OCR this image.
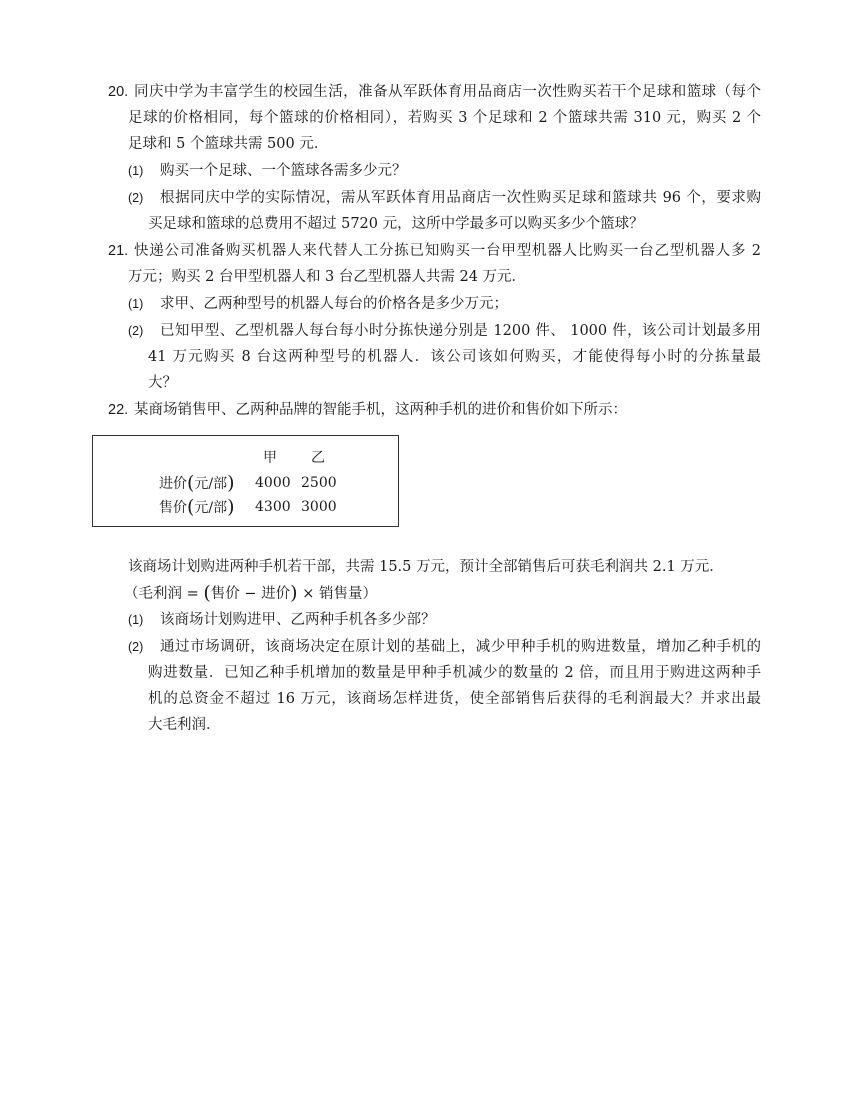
20. 同庆中学为丰富学生的校园生活，准备从军跃体育用品商店一次性购买若干个足球和篮球（每个
足球的价格相同，每个篮球的价格相同），若购买 3 个足球和 2 个篮球共需 310 元，购买 2 个
足球和 5 个篮球共需 500 元．
(1) 购买一个足球、一个篮球各需多少元？
(2) 根据同庆中学的实际情况，需从军跃体育用品商店一次性购买足球和篮球共 96 个，要求购
买足球和篮球的总费用不超过 5720 元，这所中学最多可以购买多少个篮球？
21. 快递公司准备购买机器人来代替人工分拣已知购买一台甲型机器人比购买一台乙型机器人多 2
万元；购买 2 台甲型机器人和 3 台乙型机器人共需 24 万元．
(1) 求甲、乙两种型号的机器人每台的价格各是多少万元；
(2) 已知甲型、乙型机器人每台每小时分拣快递分别是 1200 件、 1000 件，该公司计划最多用
41 万元购买 8 台这两种型号的机器人．该公司该如何购买，才能使得每小时的分拣量最
大？
22. 某商场销售甲、乙两种品牌的智能手机，这两种手机的进价和售价如下所示：
甲 乙
进价(元/部) 4000 2500
售价(元/部) 4300 3000
该商场计划购进两种手机若干部，共需 15.5 万元，预计全部销售后可获毛利润共 2.1 万元．
（毛利润 = (售价 − 进价) × 销售量）
(1) 该商场计划购进甲、乙两种手机各多少部？
(2) 通过市场调研，该商场决定在原计划的基础上，减少甲种手机的购进数量，增加乙种手机的
购进数量．已知乙种手机增加的数量是甲种手机减少的数量的 2 倍，而且用于购进这两种手
机的总资金不超过 16 万元，该商场怎样进货，使全部销售后获得的毛利润最大？并求出最
大毛利润．
